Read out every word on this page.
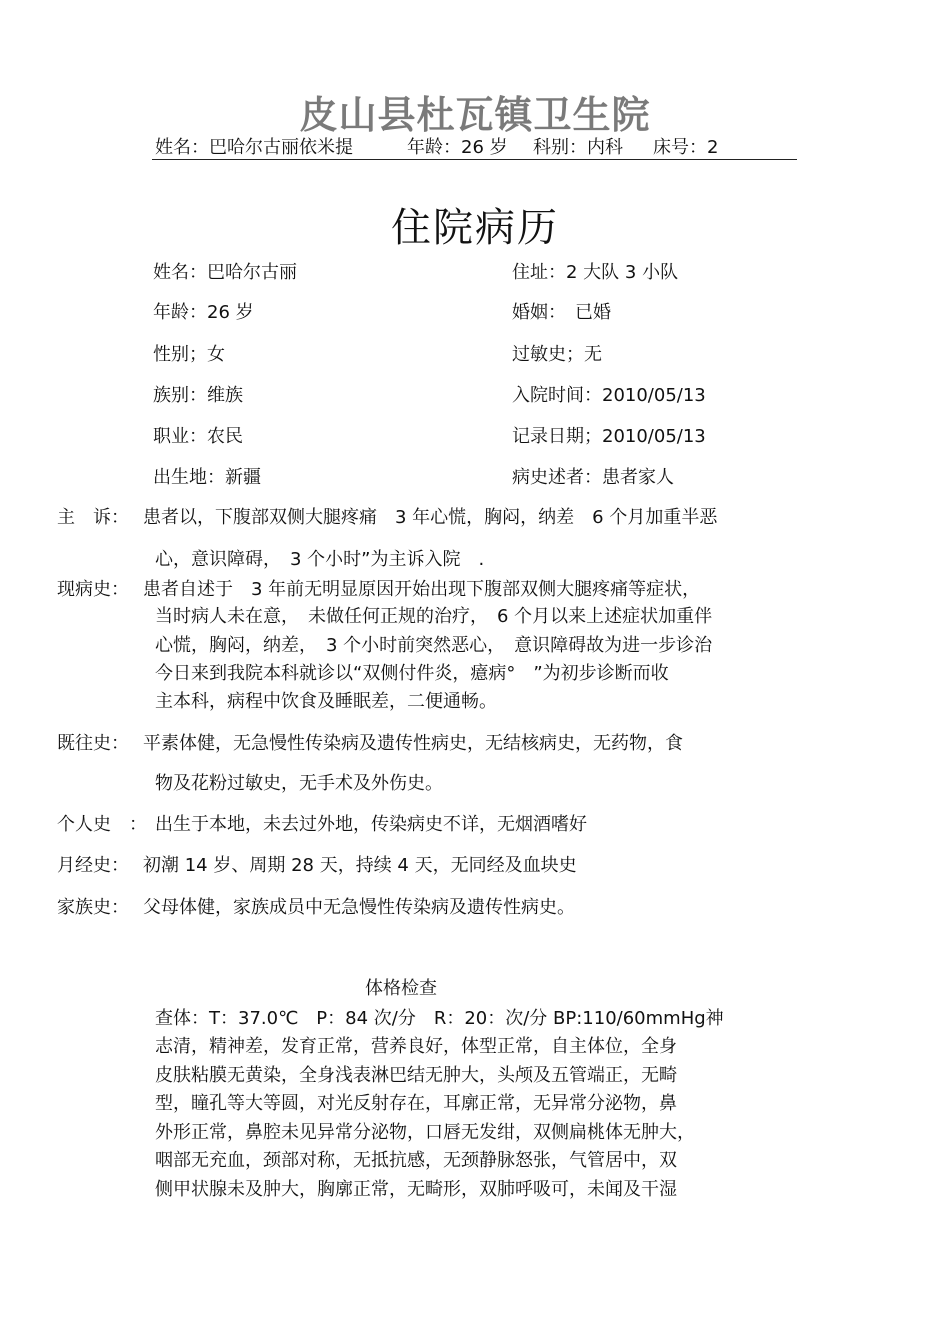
皮山县杜瓦镇卫生院
姓名：巴哈尔古丽依米提	年龄：26 岁 科别：内科 床号：2
住院病历
姓名：巴哈尔古丽
年龄：26 岁
性别；女
族别：维族
职业：农民
出生地：新疆
住址：2 大队 3 小队
婚姻：　已婚
过敏史；无
入院时间：2010/05/13
记录日期；2010/05/13
病史述者：患者家人
主　诉： 患者以，下腹部双侧大腿疼痛　3 年心慌，胸闷，纳差　6 个月加重半恶
心，意识障碍，　3 个小时”为主诉入院　.
现病史： 患者自述于　3 年前无明显原因开始出现下腹部双侧大腿疼痛等症状，
当时病人未在意，　未做任何正规的治疗，　6 个月以来上述症状加重伴
心慌，胸闷，纳差，　3 个小时前突然恶心，　意识障碍故为进一步诊治
今日来到我院本科就诊以“双侧付件炎，癔病°　”为初步诊断而收
主本科，病程中饮食及睡眠差，二便通畅。
既往史： 平素体健，无急慢性传染病及遗传性病史，无结核病史，无药物，食
物及花粉过敏史，无手术及外伤史。
个人史　： 出生于本地，未去过外地，传染病史不详，无烟酒嗜好
月经史： 初潮 14 岁、周期 28 天，持续 4 天，无同经及血块史
家族史： 父母体健，家族成员中无急慢性传染病及遗传性病史。
体格检查
查体：T：37.0℃　P：84 次/分　R：20：次/分 BP:110/60mmHg神
志清，精神差，发育正常，营养良好，体型正常，自主体位，全身
皮肤粘膜无黄染，全身浅表淋巴结无肿大，头颅及五管端正，无畸
型，瞳孔等大等圆，对光反射存在，耳廓正常，无异常分泌物，鼻
外形正常，鼻腔未见异常分泌物，口唇无发绀，双侧扁桃体无肿大，
咽部无充血，颈部对称，无抵抗感，无颈静脉怒张，气管居中，双
侧甲状腺未及肿大，胸廓正常，无畸形，双肺呼吸可，未闻及干湿
